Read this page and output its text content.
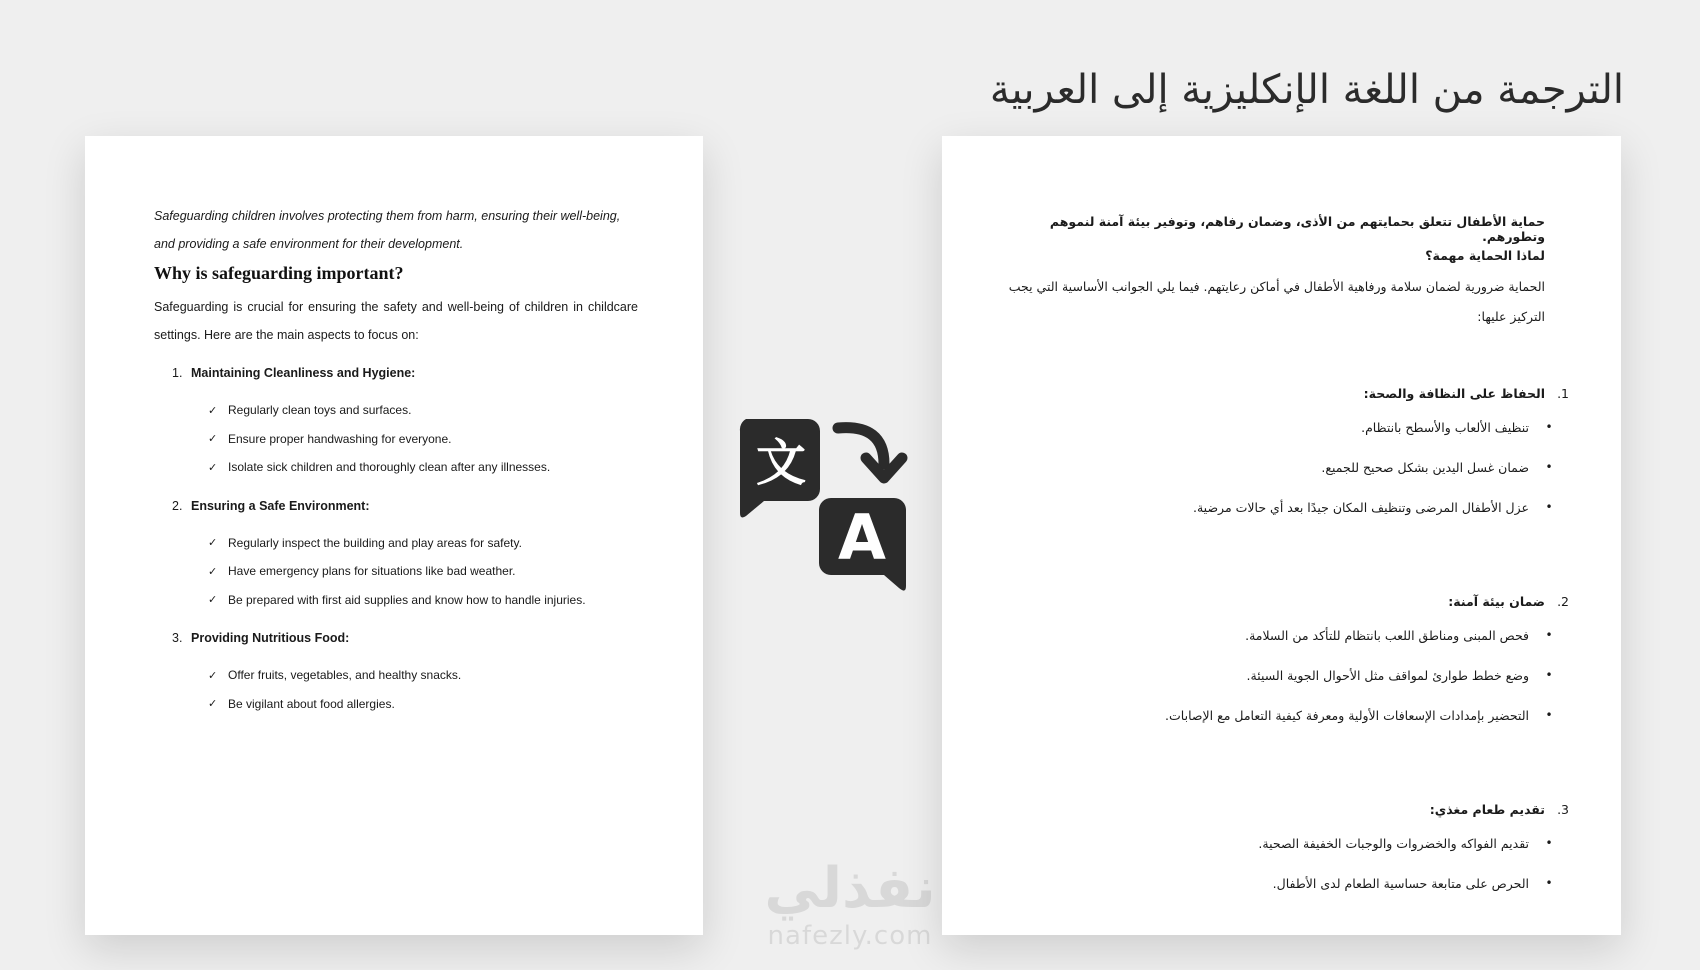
الترجمة من اللغة الإنكليزية إلى العربية

Safeguarding children involves protecting them from harm, ensuring their well-being, and providing a safe environment for their development.

Why is safeguarding important?

Safeguarding is crucial for ensuring the safety and well-being of children in childcare settings. Here are the main aspects to focus on:

1. Maintaining Cleanliness and Hygiene:
✓ Regularly clean toys and surfaces.
✓ Ensure proper handwashing for everyone.
✓ Isolate sick children and thoroughly clean after any illnesses.
2. Ensuring a Safe Environment:
✓ Regularly inspect the building and play areas for safety.
✓ Have emergency plans for situations like bad weather.
✓ Be prepared with first aid supplies and know how to handle injuries.
3. Providing Nutritious Food:
✓ Offer fruits, vegetables, and healthy snacks.
✓ Be vigilant about food allergies.
文
A

حماية الأطفال تتعلق بحمايتهم من الأذى، وضمان رفاهم، وتوفير بيئة آمنة لنموهم وتطورهم.

لماذا الحماية مهمة؟

الحماية ضرورية لضمان سلامة ورفاهية الأطفال في أماكن رعايتهم. فيما يلي الجوانب الأساسية التي يجب التركيز عليها:

1.
الحفاظ على النظافة والصحة:
•
تنظيف الألعاب والأسطح بانتظام.
•
ضمان غسل اليدين بشكل صحيح للجميع.
•
عزل الأطفال المرضى وتنظيف المكان جيدًا بعد أي حالات مرضية.
2.
ضمان بيئة آمنة:
•
فحص المبنى ومناطق اللعب بانتظام للتأكد من السلامة.
•
وضع خطط طوارئ لمواقف مثل الأحوال الجوية السيئة.
•
التحضير بإمدادات الإسعافات الأولية ومعرفة كيفية التعامل مع الإصابات.
3.
تقديم طعام مغذي:
•
تقديم الفواكه والخضروات والوجبات الخفيفة الصحية.
•
الحرص على متابعة حساسية الطعام لدى الأطفال.
نفذلي
nafezly.com
